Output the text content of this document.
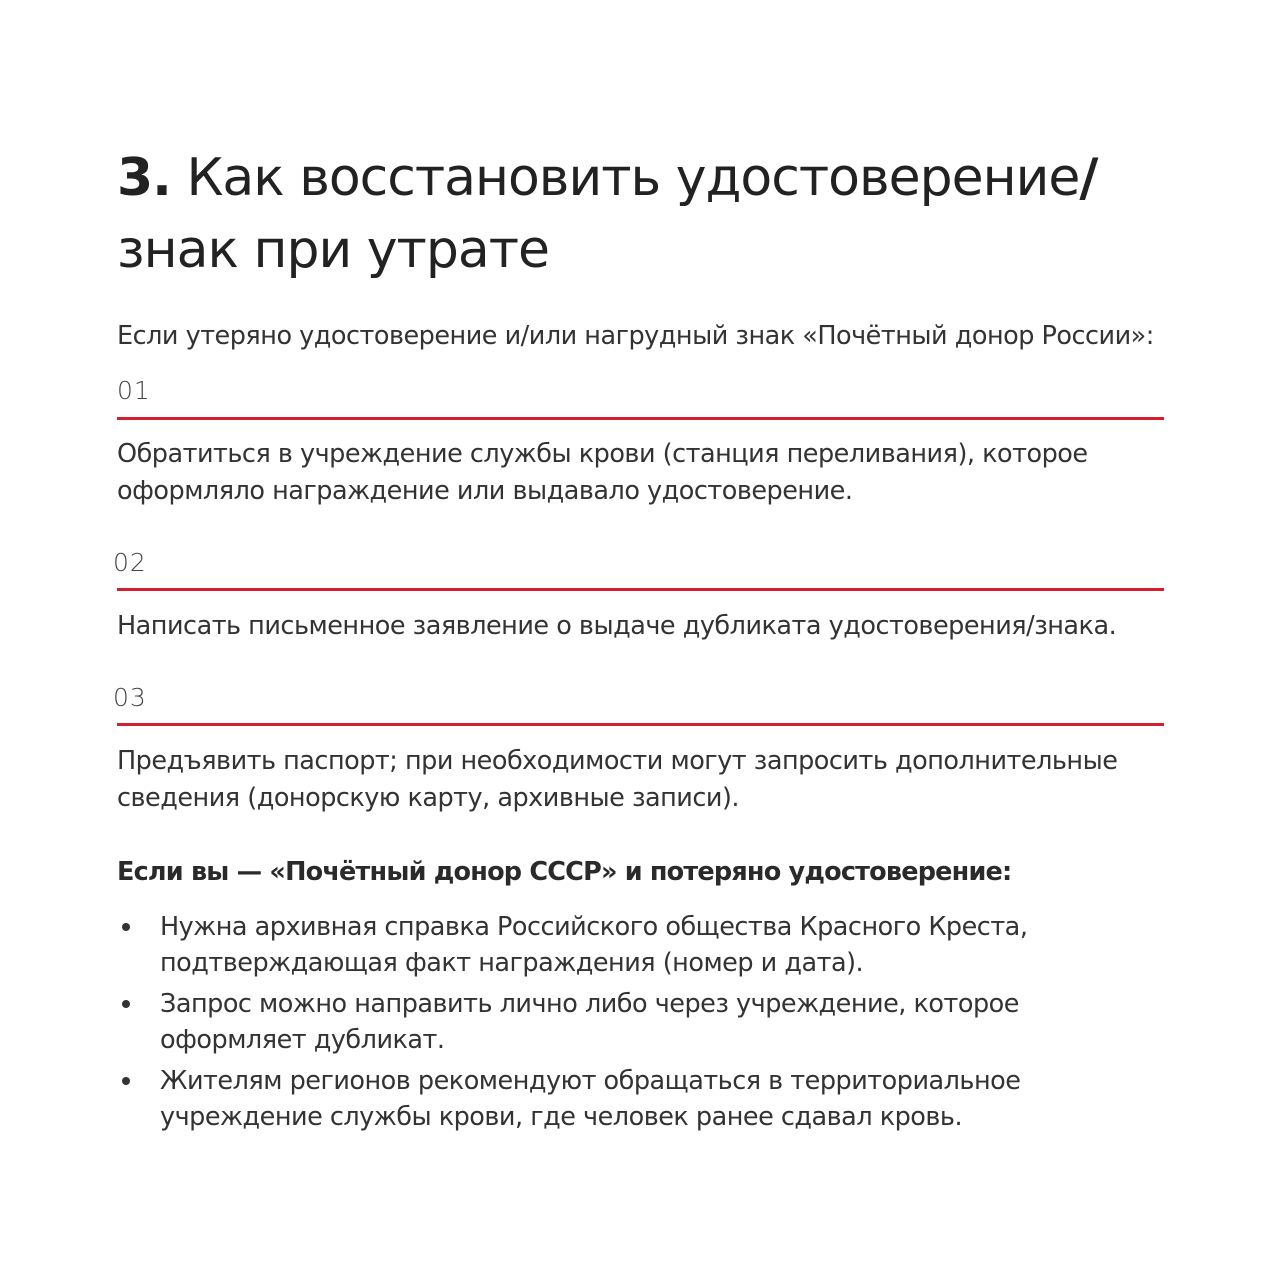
3. Как восстановить удостоверение/
знак при утрате
Если утеряно удостоверение и/или нагрудный знак «Почётный донор России»:
01
Обратиться в учреждение службы крови (станция переливания), которое
оформляло награждение или выдавало удостоверение.
02
Написать письменное заявление о выдаче дубликата удостоверения/знака.
03
Предъявить паспорт; при необходимости могут запросить дополнительные
сведения (донорскую карту, архивные записи).
Если вы — «Почётный донор СССР» и потеряно удостоверение:
Нужна архивная справка Российского общества Красного Креста,
подтверждающая факт награждения (номер и дата).
Запрос можно направить лично либо через учреждение, которое
оформляет дубликат.
Жителям регионов рекомендуют обращаться в территориальное
учреждение службы крови, где человек ранее сдавал кровь.
